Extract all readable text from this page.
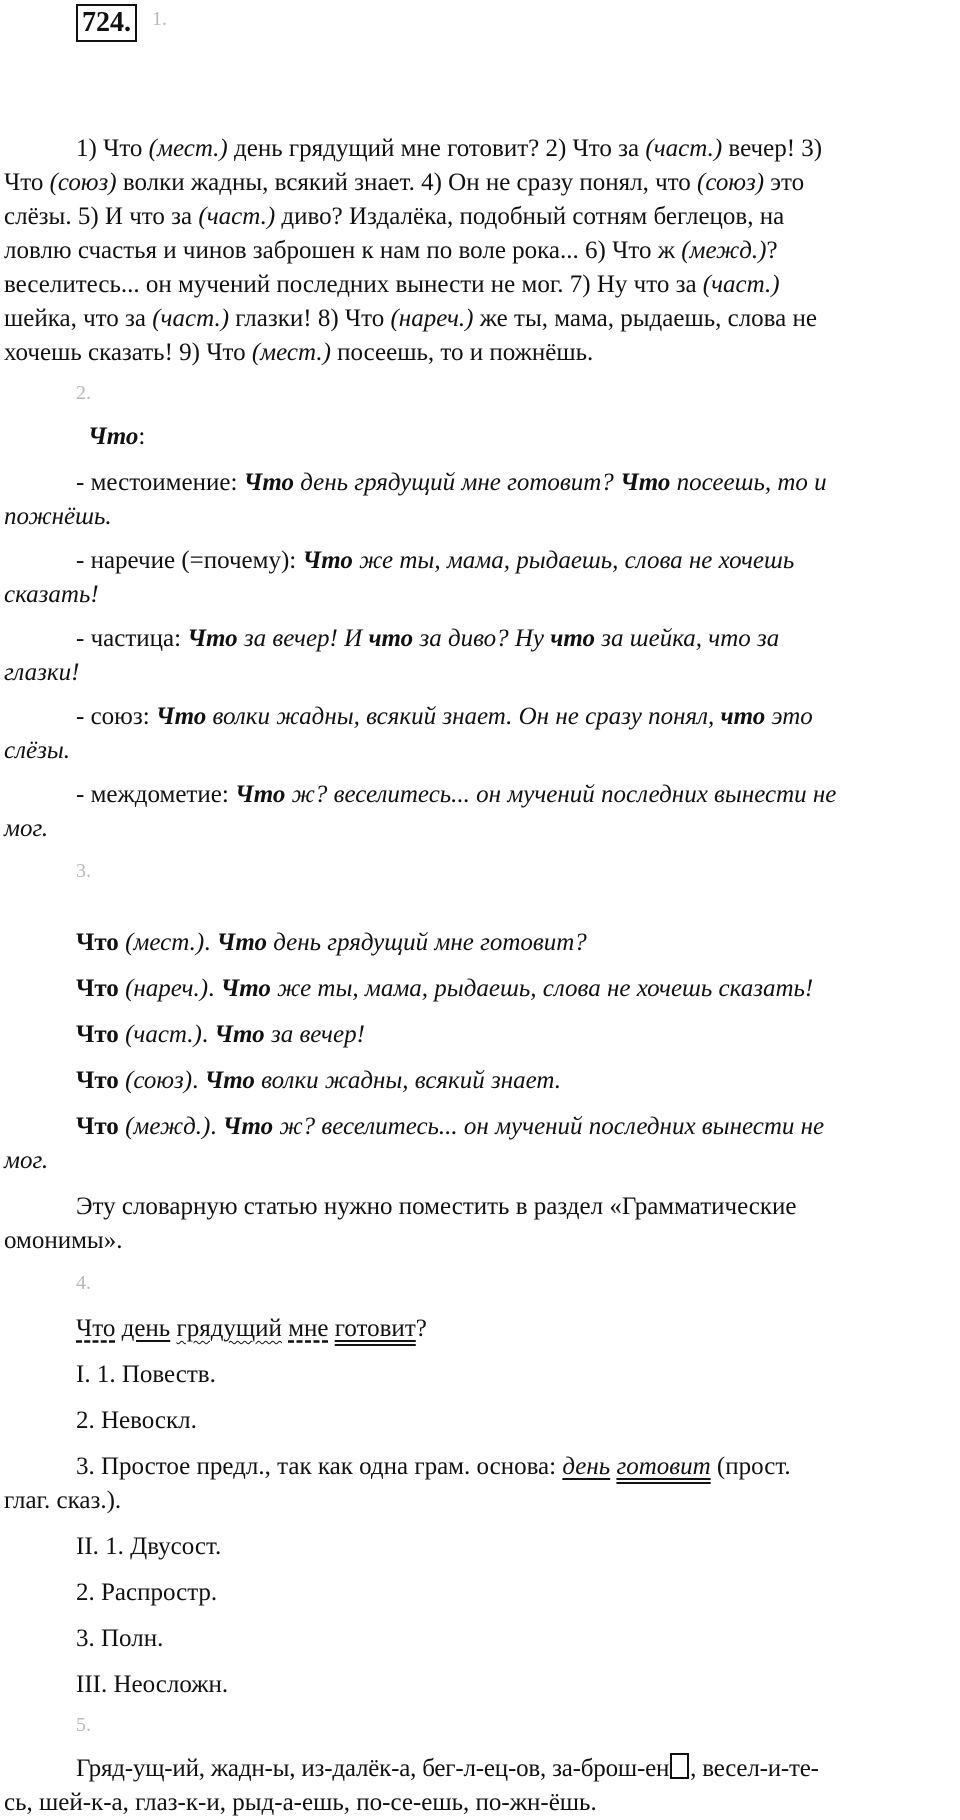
724.	1.

1) Что (мест.) день грядущий мне готовит? 2) Что за (част.) вечер! 3)

Что (союз) волки жадны, всякий знает. 4) Он не сразу понял, что (союз) это

слёзы. 5) И что за (част.) диво? Издалёка, подобный сотням беглецов, на

ловлю счастья и чинов заброшен к нам по воле рока... 6) Что ж (межд.)?

веселитесь... он мучений последних вынести не мог. 7) Ну что за (част.)

шейка, что за (част.) глазки! 8) Что (нареч.) же ты, мама, рыдаешь, слова не

хочешь сказать! 9) Что (мест.) посеешь, то и пожнёшь.

2.

Что:

- местоимение: Что день грядущий мне готовит? Что посеешь, то и

пожнёшь.

- наречие (=почему): Что же ты, мама, рыдаешь, слова не хочешь

сказать!

- частица: Что за вечер! И что за диво? Ну что за шейка, что за

глазки!

- союз: Что волки жадны, всякий знает. Он не сразу понял, что это

слёзы.

- междометие: Что ж? веселитесь... он мучений последних вынести не

мог.

3.

Что (мест.). Что день грядущий мне готовит?

Что (нареч.). Что же ты, мама, рыдаешь, слова не хочешь сказать!

Что (част.). Что за вечер!

Что (союз). Что волки жадны, всякий знает.

Что (межд.). Что ж? веселитесь... он мучений последних вынести не

мог.

Эту словарную статью нужно поместить в раздел «Грамматические

омонимы».

4.

Что день грядущий мне готовит?

I. 1. Повеств.

2. Невоскл.

3. Простое предл., так как одна грам. основа: день готовит (прост.

глаг. сказ.).

II. 1. Двусост.

2. Распростр.

3. Полн.

III. Неосложн.

5.

Гряд-ущ-ий, жадн-ы, из-далёк-а, бег-л-ец-ов, за-брош-ен , весел-и-те-

сь, шей-к-а, глаз-к-и, рыд-а-ешь, по-се-ешь, по-жн-ёшь.
